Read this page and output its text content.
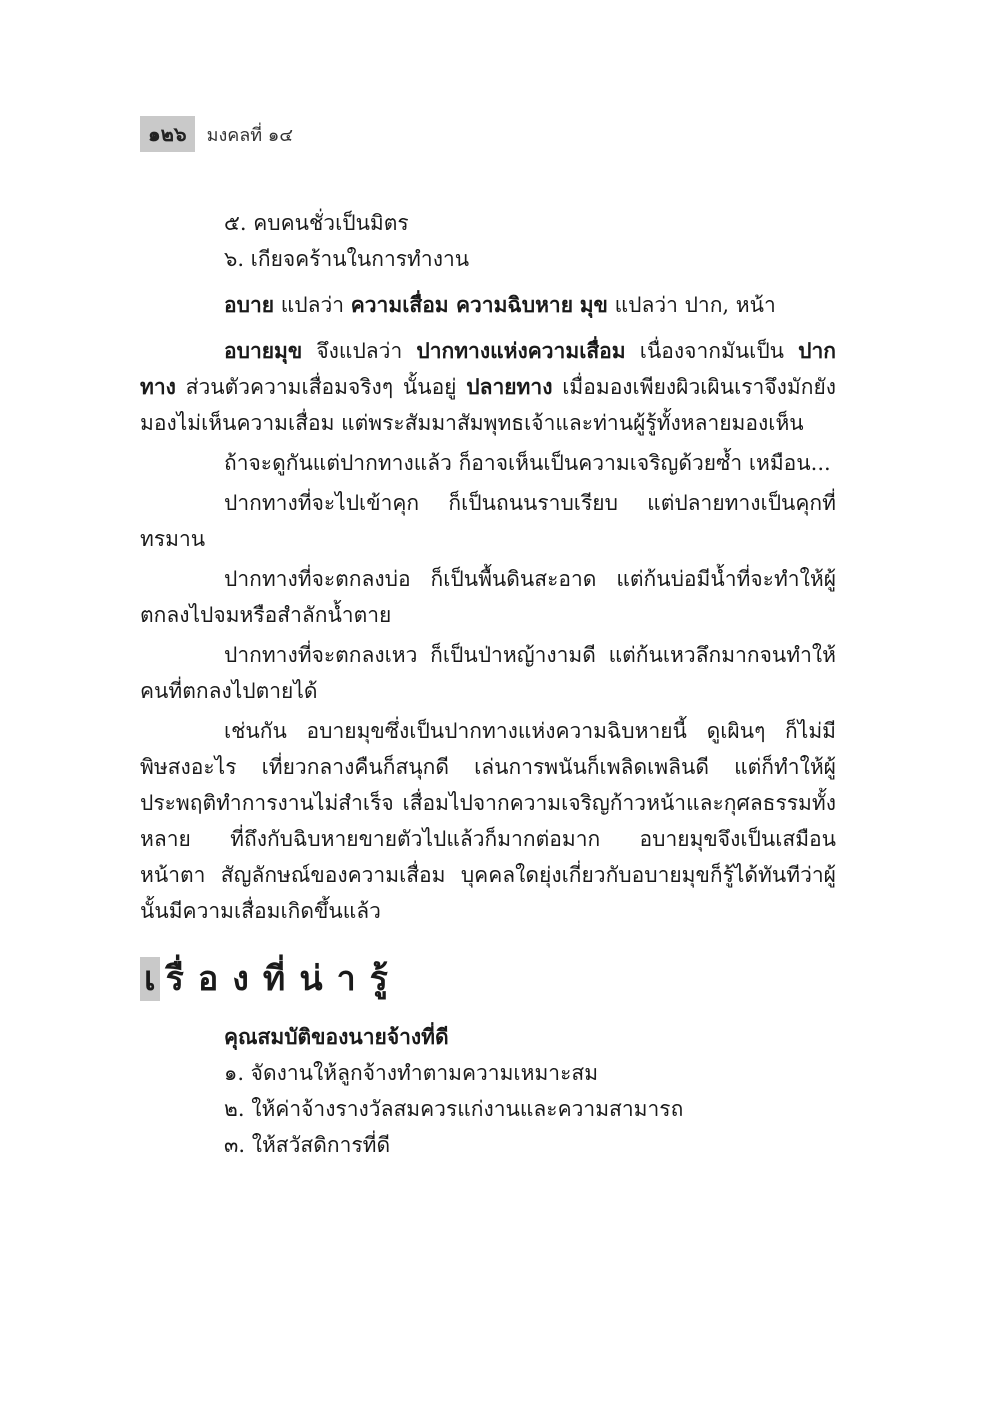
๑๒๖	มงคลที่ ๑๔
๕. คบคนชั่วเป็นมิตร
๖. เกียจคร้านในการทำงาน

อบาย แปลว่า ความเสื่อม ความฉิบหาย มุข แปลว่า ปาก, หน้า

อบายมุข จึงแปลว่า ปากทางแห่งความเสื่อม เนื่องจากมันเป็น ปากทาง ส่วนตัวความเสื่อมจริงๆ นั้นอยู่ ปลายทาง เมื่อมองเพียงผิวเผินเราจึงมักยังมองไม่เห็นความเสื่อม แต่พระสัมมาสัมพุทธเจ้าและท่านผู้รู้ทั้งหลายมองเห็น

ถ้าจะดูกันแต่ปากทางแล้ว ก็อาจเห็นเป็นความเจริญด้วยซ้ำ เหมือน...

ปากทางที่จะไปเข้าคุก ก็เป็นถนนราบเรียบ แต่ปลายทางเป็นคุกที่ทรมาน

ปากทางที่จะตกลงบ่อ ก็เป็นพื้นดินสะอาด แต่ก้นบ่อมีน้ำที่จะทำให้ผู้ตกลงไปจมหรือสำลักน้ำตาย

ปากทางที่จะตกลงเหว ก็เป็นป่าหญ้างามดี แต่ก้นเหวลึกมากจนทำให้คนที่ตกลงไปตายได้

เช่นกัน อบายมุขซึ่งเป็นปากทางแห่งความฉิบหายนี้ ดูเผินๆ ก็ไม่มีพิษสงอะไร เที่ยวกลางคืนก็สนุกดี เล่นการพนันก็เพลิดเพลินดี แต่ก็ทำให้ผู้ประพฤติทำการงานไม่สำเร็จ เสื่อมไปจากความเจริญก้าวหน้าและกุศลธรรมทั้งหลาย ที่ถึงกับฉิบหายขายตัวไปแล้วก็มากต่อมาก อบายมุขจึงเป็นเสมือนหน้าตา สัญลักษณ์ของความเสื่อม บุคคลใดยุ่งเกี่ยวกับอบายมุขก็รู้ได้ทันทีว่าผู้นั้นมีความเสื่อมเกิดขึ้นแล้ว

เ รื่องที่น่ารู้
คุณสมบัติของนายจ้างที่ดี
๑. จัดงานให้ลูกจ้างทำตามความเหมาะสม
๒. ให้ค่าจ้างรางวัลสมควรแก่งานและความสามารถ
๓. ให้สวัสดิการที่ดี
